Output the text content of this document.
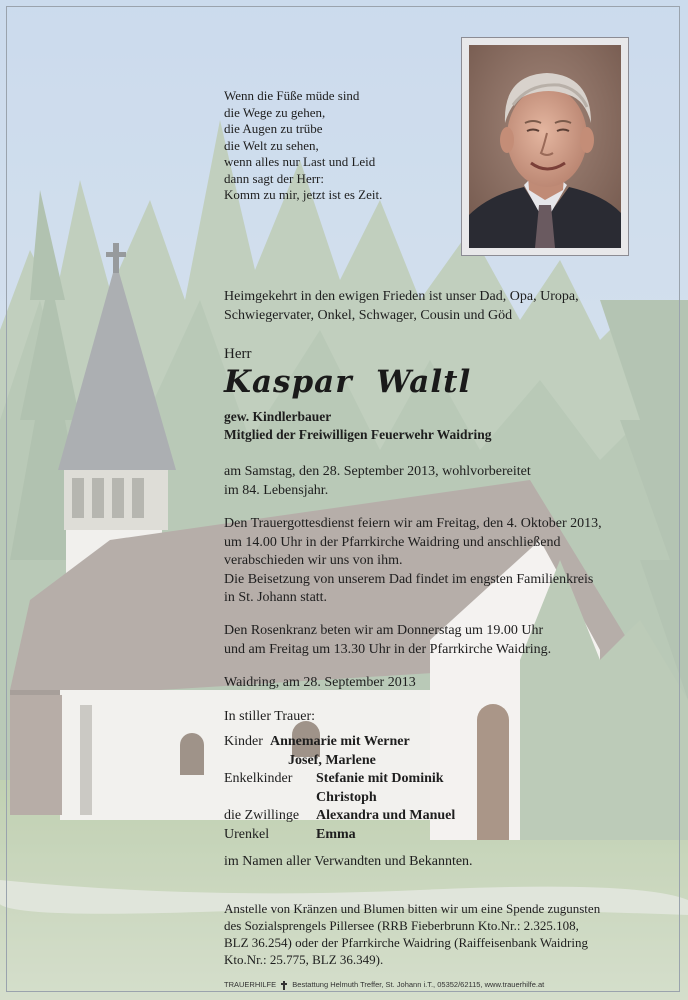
Wenn die Füße müde sind
die Wege zu gehen,
die Augen zu trübe
die Welt zu sehen,
wenn alles nur Last und Leid
dann sagt der Herr:
Komm zu mir, jetzt ist es Zeit.
Heimgekehrt in den ewigen Frieden ist unser Dad, Opa, Uropa,
Schwiegervater, Onkel, Schwager, Cousin und Göd
Herr
Kaspar  Waltl
gew. Kindlerbauer
Mitglied der Freiwilligen Feuerwehr Waidring
am Samstag, den 28. September 2013, wohlvorbereitet
im 84. Lebensjahr.
Den Trauergottesdienst feiern wir am Freitag, den 4. Oktober 2013,
um 14.00 Uhr in der Pfarrkirche Waidring und anschließend
verabschieden wir uns von ihm.
Die Beisetzung von unserem Dad findet im engsten Familienkreis
in St. Johann statt.
Den Rosenkranz beten wir am Donnerstag um 19.00 Uhr
und am Freitag um 13.30 Uhr in der Pfarrkirche Waidring.
Waidring, am 28. September 2013
In stiller Trauer:
Kinder Annemarie mit Werner
Josef, Marlene
Enkelkinder Stefanie mit Dominik
Christoph
die Zwillinge Alexandra und Manuel
Urenkel	Emma
im Namen aller Verwandten und Bekannten.
Anstelle von Kränzen und Blumen bitten wir um eine Spende zugunsten
des Sozialsprengels Pillersee (RRB Fieberbrunn Kto.Nr.: 2.325.108,
BLZ 36.254) oder der Pfarrkirche Waidring (Raiffeisenbank Waidring
Kto.Nr.: 25.775, BLZ 36.349).
TRAUERHILFE Bestattung Helmuth Treffer, St. Johann i.T., 05352/62115, www.trauerhilfe.at
